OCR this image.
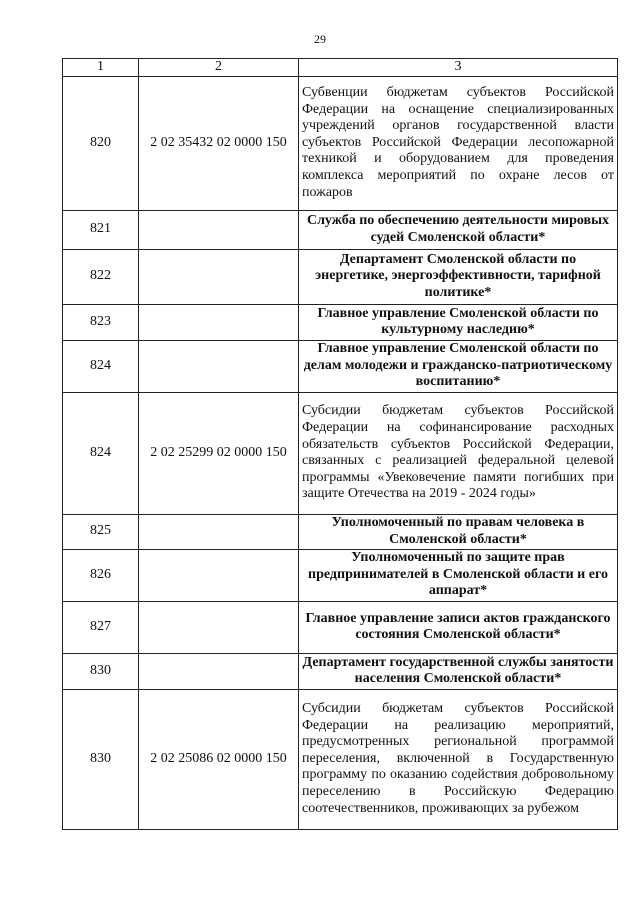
29
1	2	3
820	2 02 35432 02 0000 150	Субвенции бюджетам субъектов Российской Федерации на оснащение специализированных учреждений органов государственной власти субъектов Российской Федерации лесопожарной техникой и оборудованием для проведения комплекса мероприятий по охране лесов от пожаров
821		Служба по обеспечению деятельности мировых судей Смоленской области*
822		Департамент Смоленской области по энергетике, энергоэффективности, тарифной политике*
823		Главное управление Смоленской области по культурному наследию*
824		Главное управление Смоленской области по делам молодежи и гражданско-патриотическому воспитанию*
824	2 02 25299 02 0000 150	Субсидии бюджетам субъектов Российской Федерации на софинансирование расходных обязательств субъектов Российской Федерации, связанных с реализацией федеральной целевой программы «Увековечение памяти погибших при защите Отечества на 2019 - 2024 годы»
825		Уполномоченный по правам человека в Смоленской области*
826		Уполномоченный по защите прав предпринимателей в Смоленской области и его аппарат*
827		Главное управление записи актов гражданского состояния Смоленской области*
830		Департамент государственной службы занятости населения Смоленской области*
830	2 02 25086 02 0000 150	Субсидии бюджетам субъектов Российской Федерации на реализацию мероприятий, предусмотренных региональной программой переселения, включенной в Государственную программу по оказанию содействия добровольному переселению в Российскую Федерацию соотечественников, проживающих за рубежом
